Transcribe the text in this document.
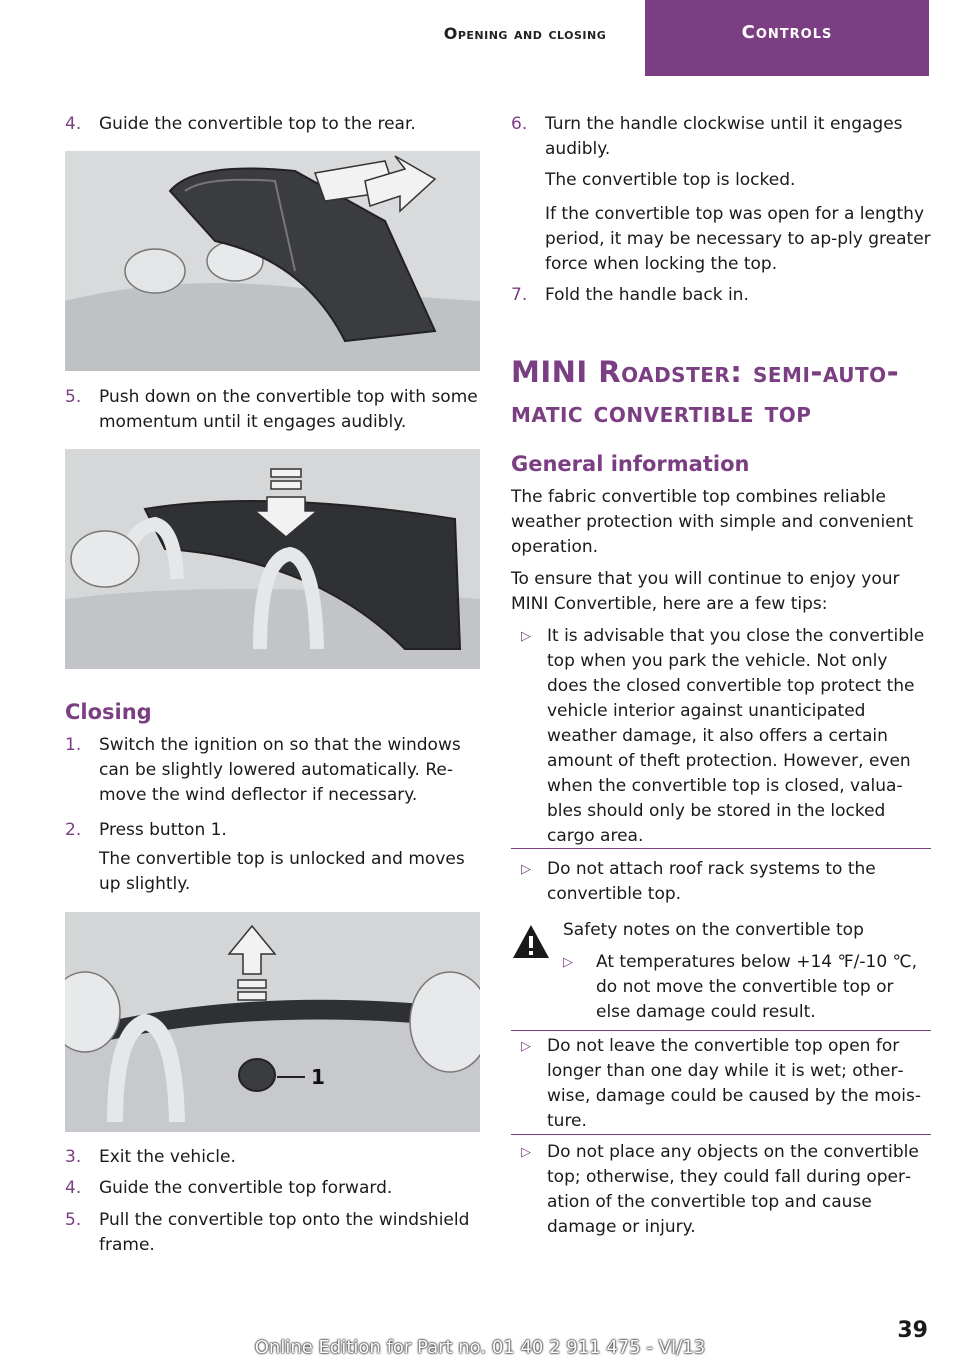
Opening and closing	Controls
4.	Guide the convertible top to the rear.
5.	Push down on the convertible top with some momentum until it engages audibly.
Closing
1.	Switch the ignition on so that the windows can be slightly lowered automatically. Re‐move the wind deflector if necessary.
2.	Press button 1.
The convertible top is unlocked and moves up slightly.
1
3.	Exit the vehicle.
4.	Guide the convertible top forward.
5.	Pull the convertible top onto the windshield frame.
6.	Turn the handle clockwise until it engages audibly.
The convertible top is locked.
If the convertible top was open for a lengthy period, it may be necessary to ap‐ply greater force when locking the top.
7.	Fold the handle back in.
MINI Roadster: semi-auto‐matic convertible top
General information
The fabric convertible top combines reliable weather protection with simple and convenient operation.
To ensure that you will continue to enjoy your MINI Convertible, here are a few tips:
▷ It is advisable that you close the convertible top when you park the vehicle. Not only does the closed convertible top protect the vehicle interior against unanticipated weather damage, it also offers a certain amount of theft protection. However, even when the convertible top is closed, valua‐bles should only be stored in the locked cargo area.
▷ Do not attach roof rack systems to the convertible top.
Safety notes on the convertible top
▷ At temperatures below +14 ℉/-10 ℃, do not move the convertible top or else damage could result.
▷ Do not leave the convertible top open for longer than one day while it is wet; other‐wise, damage could be caused by the mois‐ture.
▷ Do not place any objects on the convertible top; otherwise, they could fall during oper‐ation of the convertible top and cause damage or injury.
Online Edition for Part no. 01 40 2 911 475 - VI/13
39
